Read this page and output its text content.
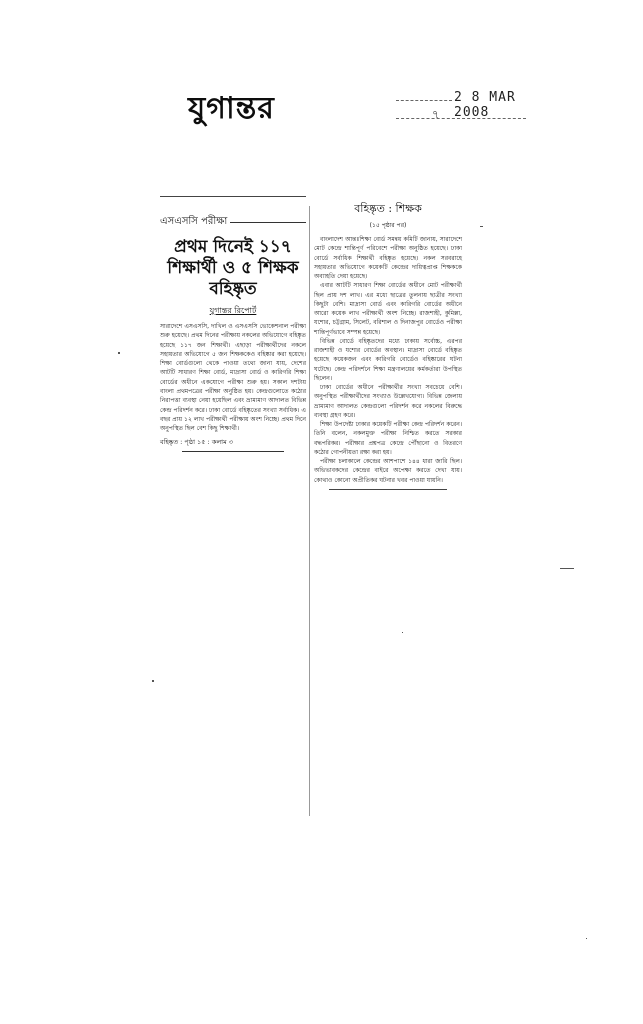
যুগান্তর	2 8 MAR 2008
৭
এসএসসি পরীক্ষা
প্রথম দিনেই ১১৭
শিক্ষার্থী ও ৫ শিক্ষক
বহিষ্কৃত
যুগান্তর রিপোর্ট
সারাদেশে এসএসসি, দাখিল ও এসএসসি ভোকেশনাল পরীক্ষা শুরু হয়েছে। প্রথম দিনের পরীক্ষায় নকলের অভিযোগে বহিষ্কৃত হয়েছে ১১৭ জন শিক্ষার্থী। এছাড়া পরীক্ষার্থীদের নকলে সহায়তার অভিযোগে ৫ জন শিক্ষককেও বহিষ্কার করা হয়েছে। শিক্ষা বোর্ডগুলো থেকে পাওয়া তথ্যে জানা যায়, দেশের আটটি সাধারণ শিক্ষা বোর্ড, মাদ্রাসা বোর্ড ও কারিগরি শিক্ষা বোর্ডের অধীনে একযোগে পরীক্ষা শুরু হয়। সকাল দশটায় বাংলা প্রথমপত্রের পরীক্ষা অনুষ্ঠিত হয়। কেন্দ্রগুলোতে কঠোর নিরাপত্তা ব্যবস্থা নেয়া হয়েছিল এবং ভ্রাম্যমাণ আদালত বিভিন্ন কেন্দ্র পরিদর্শন করে। ঢাকা বোর্ডে বহিষ্কৃতের সংখ্যা সর্বাধিক। এ বছর প্রায় ১২ লাখ পরীক্ষার্থী পরীক্ষায় অংশ নিচ্ছে। প্রথম দিনে অনুপস্থিত ছিল বেশ কিছু শিক্ষার্থী।
বহিষ্কৃত : পৃষ্ঠা ১৫ : কলাম ৩
বহিষ্কৃত : শিক্ষক
(১৫ পৃষ্ঠার পর)

বাংলাদেশ আন্তঃশিক্ষা বোর্ড সমন্বয় কমিটি জানায়, সারাদেশে মোট কেন্দ্রে শান্তিপূর্ণ পরিবেশে পরীক্ষা অনুষ্ঠিত হয়েছে। ঢাকা বোর্ডে সর্বাধিক শিক্ষার্থী বহিষ্কৃত হয়েছে। নকল সরবরাহে সহায়তার অভিযোগে কয়েকটি কেন্দ্রের দায়িত্বপ্রাপ্ত শিক্ষককে অব্যাহতি দেয়া হয়েছে।

এবার আটটি সাধারণ শিক্ষা বোর্ডের অধীনে মোট পরীক্ষার্থী ছিল প্রায় দশ লাখ। এর মধ্যে ছাত্রের তুলনায় ছাত্রীর সংখ্যা কিছুটা বেশি। মাদ্রাসা বোর্ড এবং কারিগরি বোর্ডের অধীনে আরো কয়েক লাখ পরীক্ষার্থী অংশ নিচ্ছে। রাজশাহী, কুমিল্লা, যশোর, চট্টগ্রাম, সিলেট, বরিশাল ও দিনাজপুর বোর্ডেও পরীক্ষা শান্তিপূর্ণভাবে সম্পন্ন হয়েছে।

বিভিন্ন বোর্ডে বহিষ্কৃতদের মধ্যে ঢাকায় সর্বোচ্চ, এরপর রাজশাহী ও যশোর বোর্ডের অবস্থান। মাদ্রাসা বোর্ডে বহিষ্কৃত হয়েছে কয়েকজন এবং কারিগরি বোর্ডেও বহিষ্কারের ঘটনা ঘটেছে। কেন্দ্র পরিদর্শনে শিক্ষা মন্ত্রণালয়ের কর্মকর্তারা উপস্থিত ছিলেন।

ঢাকা বোর্ডের অধীনে পরীক্ষার্থীর সংখ্যা সবচেয়ে বেশি। অনুপস্থিত পরীক্ষার্থীদের সংখ্যাও উল্লেখযোগ্য। বিভিন্ন জেলায় ভ্রাম্যমাণ আদালত কেন্দ্রগুলো পরিদর্শন করে নকলের বিরুদ্ধে ব্যবস্থা গ্রহণ করে।

শিক্ষা উপদেষ্টা ঢাকার কয়েকটি পরীক্ষা কেন্দ্র পরিদর্শন করেন। তিনি বলেন, নকলমুক্ত পরীক্ষা নিশ্চিত করতে সরকার বদ্ধপরিকর। পরীক্ষার প্রশ্নপত্র কেন্দ্রে পৌঁছানো ও বিতরণে কঠোর গোপনীয়তা রক্ষা করা হয়।

পরীক্ষা চলাকালে কেন্দ্রের আশপাশে ১৪৪ ধারা জারি ছিল। অভিভাবকদের কেন্দ্রের বাইরে অপেক্ষা করতে দেখা যায়। কোথাও কোনো অপ্রীতিকর ঘটনার খবর পাওয়া যায়নি।
